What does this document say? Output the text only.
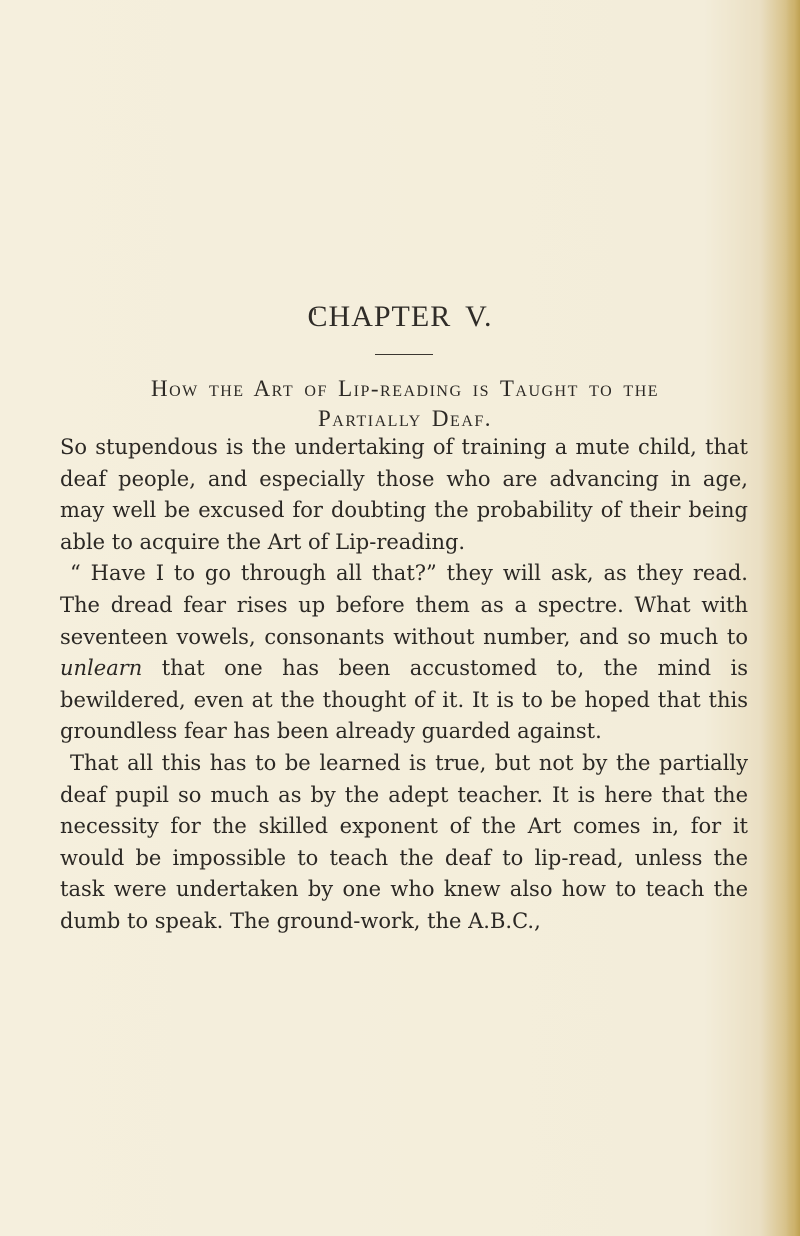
CHAPTER V.
How the Art of Lip-reading is Taught to the
Partially Deaf.

So stupendous is the undertaking of training a mute child, that deaf people, and especially those who are advancing in age, may well be excused for doubting the probability of their being able to acquire the Art of Lip-reading.

“ Have I to go through all that?” they will ask, as they read. The dread fear rises up before them as a spectre. What with seventeen vowels, consonants without number, and so much to unlearn that one has been accustomed to, the mind is bewildered, even at the thought of it. It is to be hoped that this groundless fear has been already guarded against.

That all this has to be learned is true, but not by the partially deaf pupil so much as by the adept teacher. It is here that the necessity for the skilled exponent of the Art comes in, for it would be impossible to teach the deaf to lip-read, unless the task were undertaken by one who knew also how to teach the dumb to speak. The ground-work, the A.B.C.,
